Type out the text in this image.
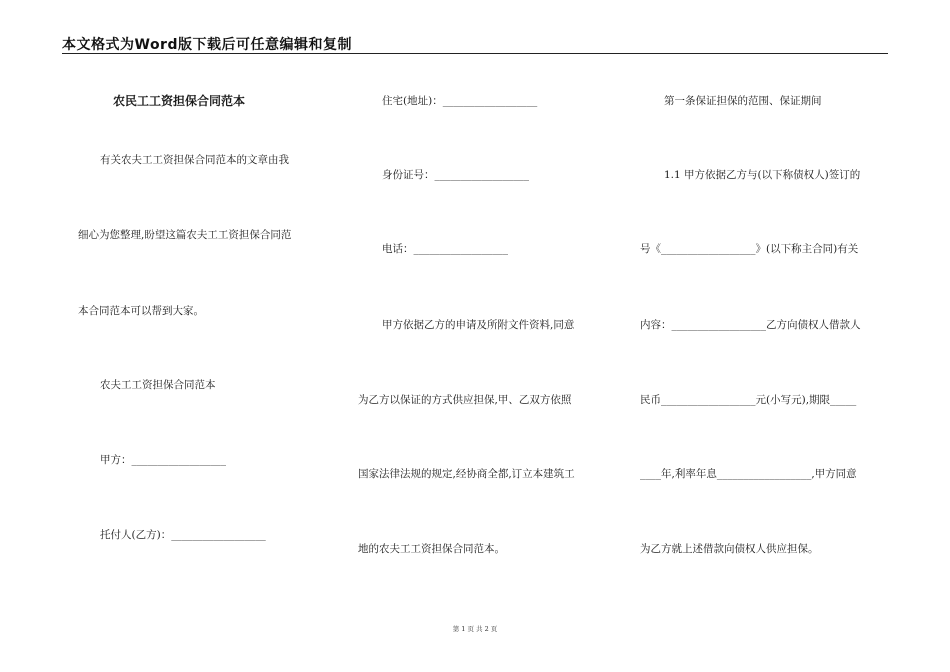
本文格式为Word版下载后可任意编辑和复制
农民工工资担保合同范本
有关农夫工工资担保合同范本的文章由我
细心为您整理,盼望这篇农夫工工资担保合同范
本合同范本可以帮到大家。
农夫工工资担保合同范本
甲方：__________________
托付人(乙方)：__________________
住宅(地址)：__________________
身份证号：__________________
电话：__________________
甲方依据乙方的申请及所附文件资料,同意
为乙方以保证的方式供应担保,甲、乙双方依照
国家法律法规的规定,经协商全都,订立本建筑工
地的农夫工工资担保合同范本。
第一条保证担保的范围、保证期间
1.1 甲方依据乙方与(以下称债权人)签订的
号《__________________》(以下称主合同)有关
内容：__________________乙方向债权人借款人
民币__________________元(小写元),期限_____
____年,利率年息__________________,甲方同意
为乙方就上述借款向债权人供应担保。
第 1 页 共 2 页
